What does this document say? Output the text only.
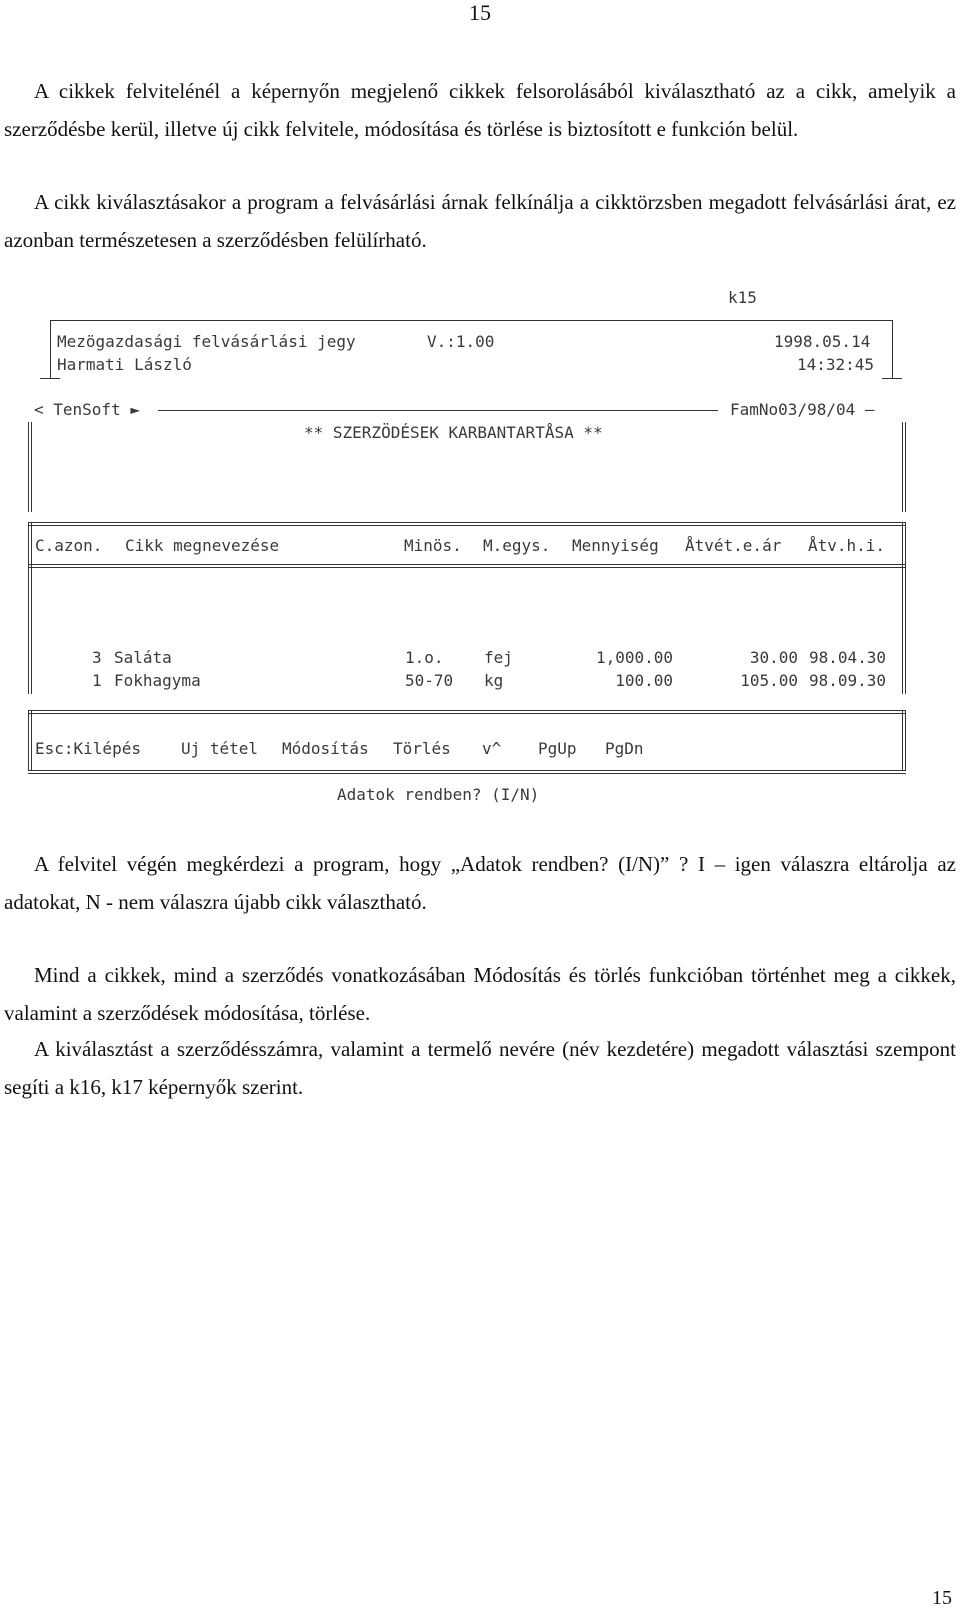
15

A cikkek felvitelénél a képernyőn megjelenő cikkek felsorolásából kiválasztható az a cikk, amelyik a szerződésbe kerül, illetve új cikk felvitele, módosítása és törlése is biztosított e funkción belül.

A cikk kiválasztásakor a program a felvásárlási árnak felkínálja a cikktörzsben megadott felvásárlási árat, ez azonban természetesen a szerződésben felülírható.

k15
Mezögazdasági felvásárlási jegy	V.:1.00	1998.05.14
Harmati László	14:32:45
< TenSoft ►	FamNo03/98/04 —
** SZERZÖDÉSEK KARBANTARTÅSA **
C.azon. Cikk megnevezése	Minös. M.egys. Mennyiség Åtvét.e.ár Åtv.h.i.
3 Saláta	1.o.	fej	1,000.00	30.00 98.04.30
1 Fokhagyma	50-70 kg	100.00	105.00 98.09.30
Esc:Kilépés	Uj tétel Módosítás Törlés v^ PgUp PgDn
Adatok rendben? (I/N)

A felvitel végén megkérdezi a program, hogy „Adatok rendben? (I/N)” ? I – igen válaszra eltárolja az adatokat, N - nem válaszra újabb cikk választható.

Mind a cikkek, mind a szerződés vonatkozásában Módosítás és törlés funkcióban történhet meg a cikkek, valamint a szerződések módosítása, törlése.

A kiválasztást a szerződésszámra, valamint a termelő nevére (név kezdetére) megadott választási szempont segíti a k16, k17 képernyők szerint.

15
